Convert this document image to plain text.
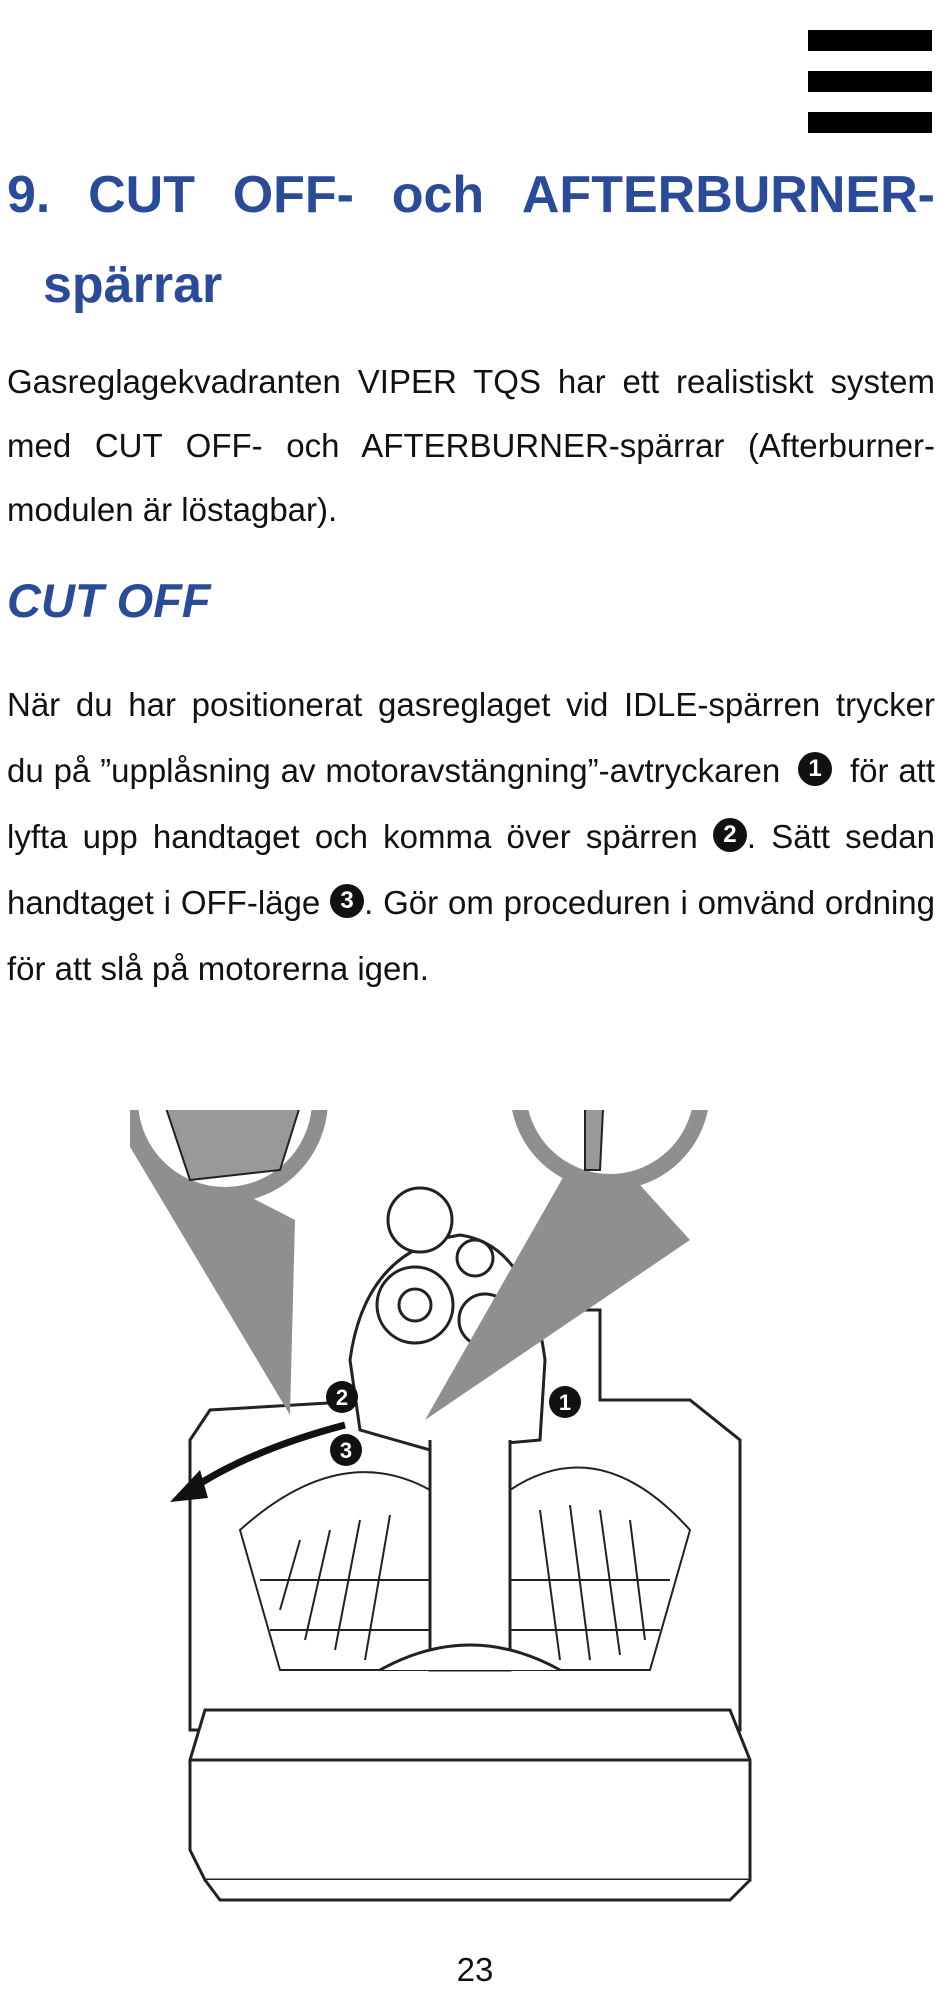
9. CUT OFF- och AFTERBURNER-
spärrar

Gasreglagekvadranten VIPER TQS har ett realistiskt system med CUT OFF- och AFTERBURNER-spärrar (Afterburner-modulen är löstagbar).

CUT OFF

När du har positionerat gasreglaget vid IDLE-spärren trycker du på ”upplåsning av motoravstängning”-avtryckaren 1 för att lyfta upp handtaget och komma över spärren 2 . Sätt sedan handtaget i OFF-läge 3 . Gör om proceduren i omvänd ordning för att slå på motorerna igen.

1
2
3
23
